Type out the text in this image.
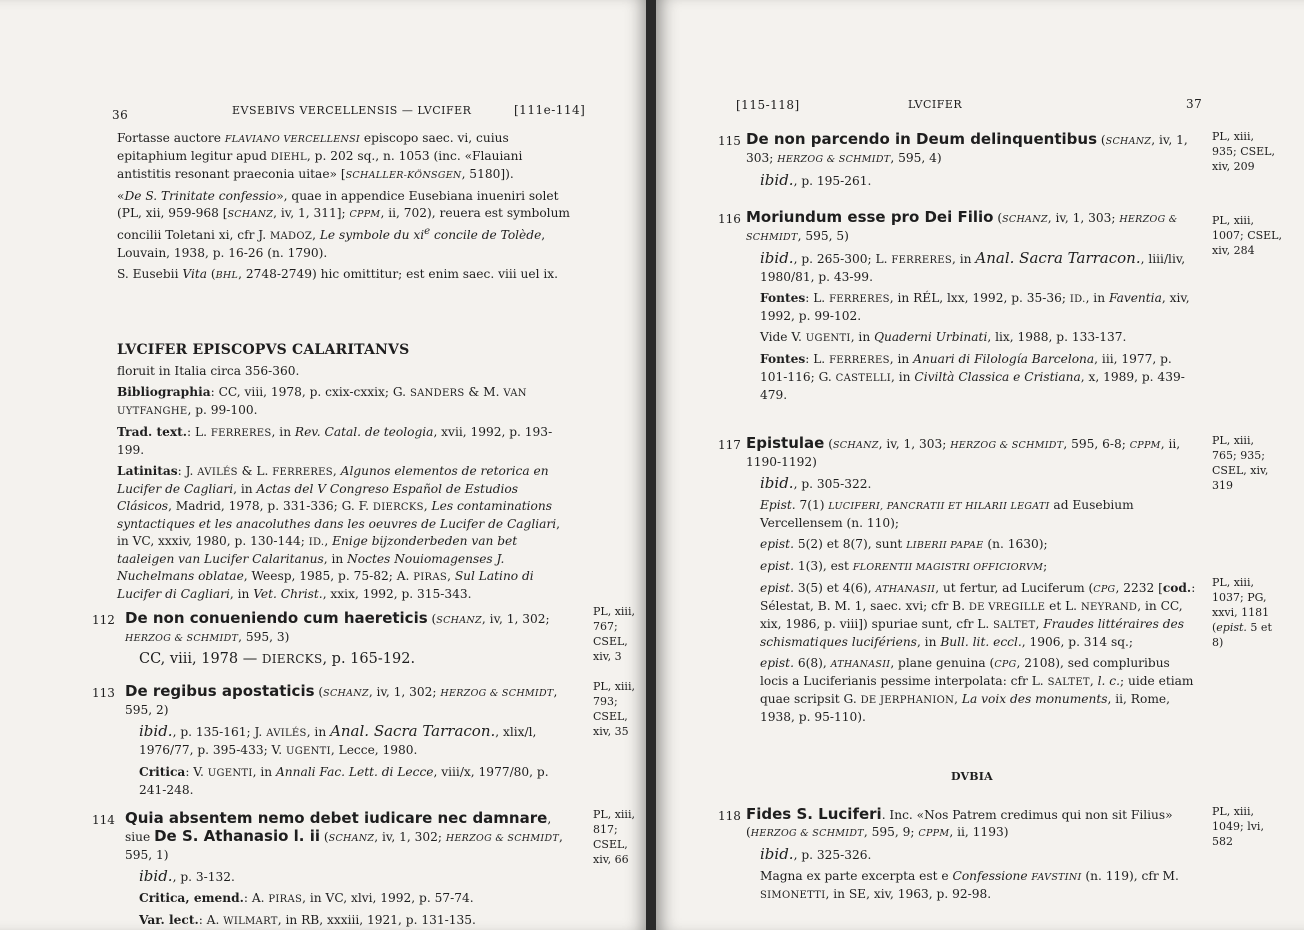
36	EVSEBIVS VERCELLENSIS — LVCIFER	[111e-114]

Fortasse auctore FLAVIANO VERCELLENSI episcopo saec. vi, cuius epitaphium legitur apud DIEHL, p. 202 sq., n. 1053 (inc. «Flauiani antistitis resonant praeconia uitae» [SCHALLER-KÖNSGEN, 5180]).

«De S. Trinitate confessio», quae in appendice Eusebiana inueniri solet (PL, xii, 959-968 [SCHANZ, iv, 1, 311]; CPPM, ii, 702), reuera est symbolum concilii Toletani xi, cfr J. MADOZ, Le symbole du $xi^e$ concile de Tolède, Louvain, 1938, p. 16-26 (n. 1790).

S. Eusebii Vita (BHL, 2748-2749) hic omittitur; est enim saec. viii uel ix.

LVCIFER EPISCOPVS CALARITANVS

floruit in Italia circa 356-360.

Bibliographia: CC, viii, 1978, p. cxix-cxxix; G. SANDERS & M. VAN UYTFANGHE, p. 99-100.

Trad. text.: L. FERRERES, in Rev. Catal. de teologia, xvii, 1992, p. 193-199.

Latinitas: J. AVILÉS & L. FERRERES, Algunos elementos de retorica en Lucifer de Cagliari, in Actas del V Congreso Español de Estudios Clásicos, Madrid, 1978, p. 331-336; G. F. DIERCKS, Les contaminations syntactiques et les anacoluthes dans les oeuvres de Lucifer de Cagliari, in VC, xxxiv, 1980, p. 130-144; ID., Enige bijzonderbeden van bet taaleigen van Lucifer Calaritanus, in Noctes Nouiomagenses J. Nuchelmans oblatae, Weesp, 1985, p. 75-82; A. PIRAS, Sul Latino di Lucifer di Cagliari, in Vet. Christ., xxix, 1992, p. 315-343.

112 De non conueniendo cum haereticis (SCHANZ, iv, 1, 302; HERZOG & SCHMIDT, 595, 3)

CC, viii, 1978 — DIERCKS, p. 165-192.

PL, xiii,
767; CSEL,
xiv, 3
113 De regibus apostaticis (SCHANZ, iv, 1, 302; HERZOG & SCHMIDT, 595, 2)

ibid., p. 135-161; J. AVILÉS, in Anal. Sacra Tarracon., xlix/l, 1976/77, p. 395-433; V. UGENTI, Lecce, 1980.

Critica: V. UGENTI, in Annali Fac. Lett. di Lecce, viii/x, 1977/80, p. 241-248.

PL, xiii,
793; CSEL,
xiv, 35
114 Quia absentem nemo debet iudicare nec damnare, siue De S. Athanasio l. ii (SCHANZ, iv, 1, 302; HERZOG & SCHMIDT, 595, 1)

ibid., p. 3-132.

Critica, emend.: A. PIRAS, in VC, xlvi, 1992, p. 57-74.

Var. lect.: A. WILMART, in RB, xxxiii, 1921, p. 131-135.

PL, xiii,
817; CSEL,
xiv, 66
[115-118]	LVCIFER	37
115 De non parcendo in Deum delinquentibus (SCHANZ, iv, 1, 303; HERZOG & SCHMIDT, 595, 4)

ibid., p. 195-261.

PL, xiii,
935; CSEL,
xiv, 209
116 Moriundum esse pro Dei Filio (SCHANZ, iv, 1, 303; HERZOG & SCHMIDT, 595, 5)

ibid., p. 265-300; L. FERRERES, in Anal. Sacra Tarracon., liii/liv, 1980/81, p. 43-99.

Fontes: L. FERRERES, in RÉL, lxx, 1992, p. 35-36; ID., in Faventia, xiv, 1992, p. 99-102.

Vide V. UGENTI, in Quaderni Urbinati, lix, 1988, p. 133-137.

Fontes: L. FERRERES, in Anuari di Filología Barcelona, iii, 1977, p. 101-116; G. CASTELLI, in Civiltà Classica e Cristiana, x, 1989, p. 439-479.

PL, xiii,
1007; CSEL,
xiv, 284
117 Epistulae (SCHANZ, iv, 1, 303; HERZOG & SCHMIDT, 595, 6-8; CPPM, ii, 1190-1192)

ibid., p. 305-322.

Epist. 7(1) LUCIFERI, PANCRATII ET HILARII LEGATI ad Eusebium Vercellensem (n. 110);

epist. 5(2) et 8(7), sunt LIBERII PAPAE (n. 1630);

epist. 1(3), est FLORENTII MAGISTRI OFFICIORVM;

epist. 3(5) et 4(6), ATHANASII, ut fertur, ad Luciferum (CPG, 2232 [cod.: Sélestat, B. M. 1, saec. xvi; cfr B. DE VREGILLE et L. NEYRAND, in CC, xix, 1986, p. viii]) spuriae sunt, cfr L. SALTET, Fraudes littéraires des schismatiques lucifériens, in Bull. lit. eccl., 1906, p. 314 sq.;

epist. 6(8), ATHANASII, plane genuina (CPG, 2108), sed compluribus locis a Luciferianis pessime interpolata: cfr L. SALTET, l. c.; uide etiam quae scripsit G. DE JERPHANION, La voix des monuments, ii, Rome, 1938, p. 95-110).

PL, xiii,
765; 935;
CSEL, xiv,
319
PL, xiii,
1037; PG,
xxvi, 1181
(epist. 5 et
8)
118 Fides S. Luciferi. Inc. «Nos Patrem credimus qui non sit Filius» (HERZOG & SCHMIDT, 595, 9; CPPM, ii, 1193)

ibid., p. 325-326.

Magna ex parte excerpta est e Confessione FAVSTINI (n. 119), cfr M. SIMONETTI, in SE, xiv, 1963, p. 92-98.

PL, xiii,
1049; lvi,
582
DVBIA
